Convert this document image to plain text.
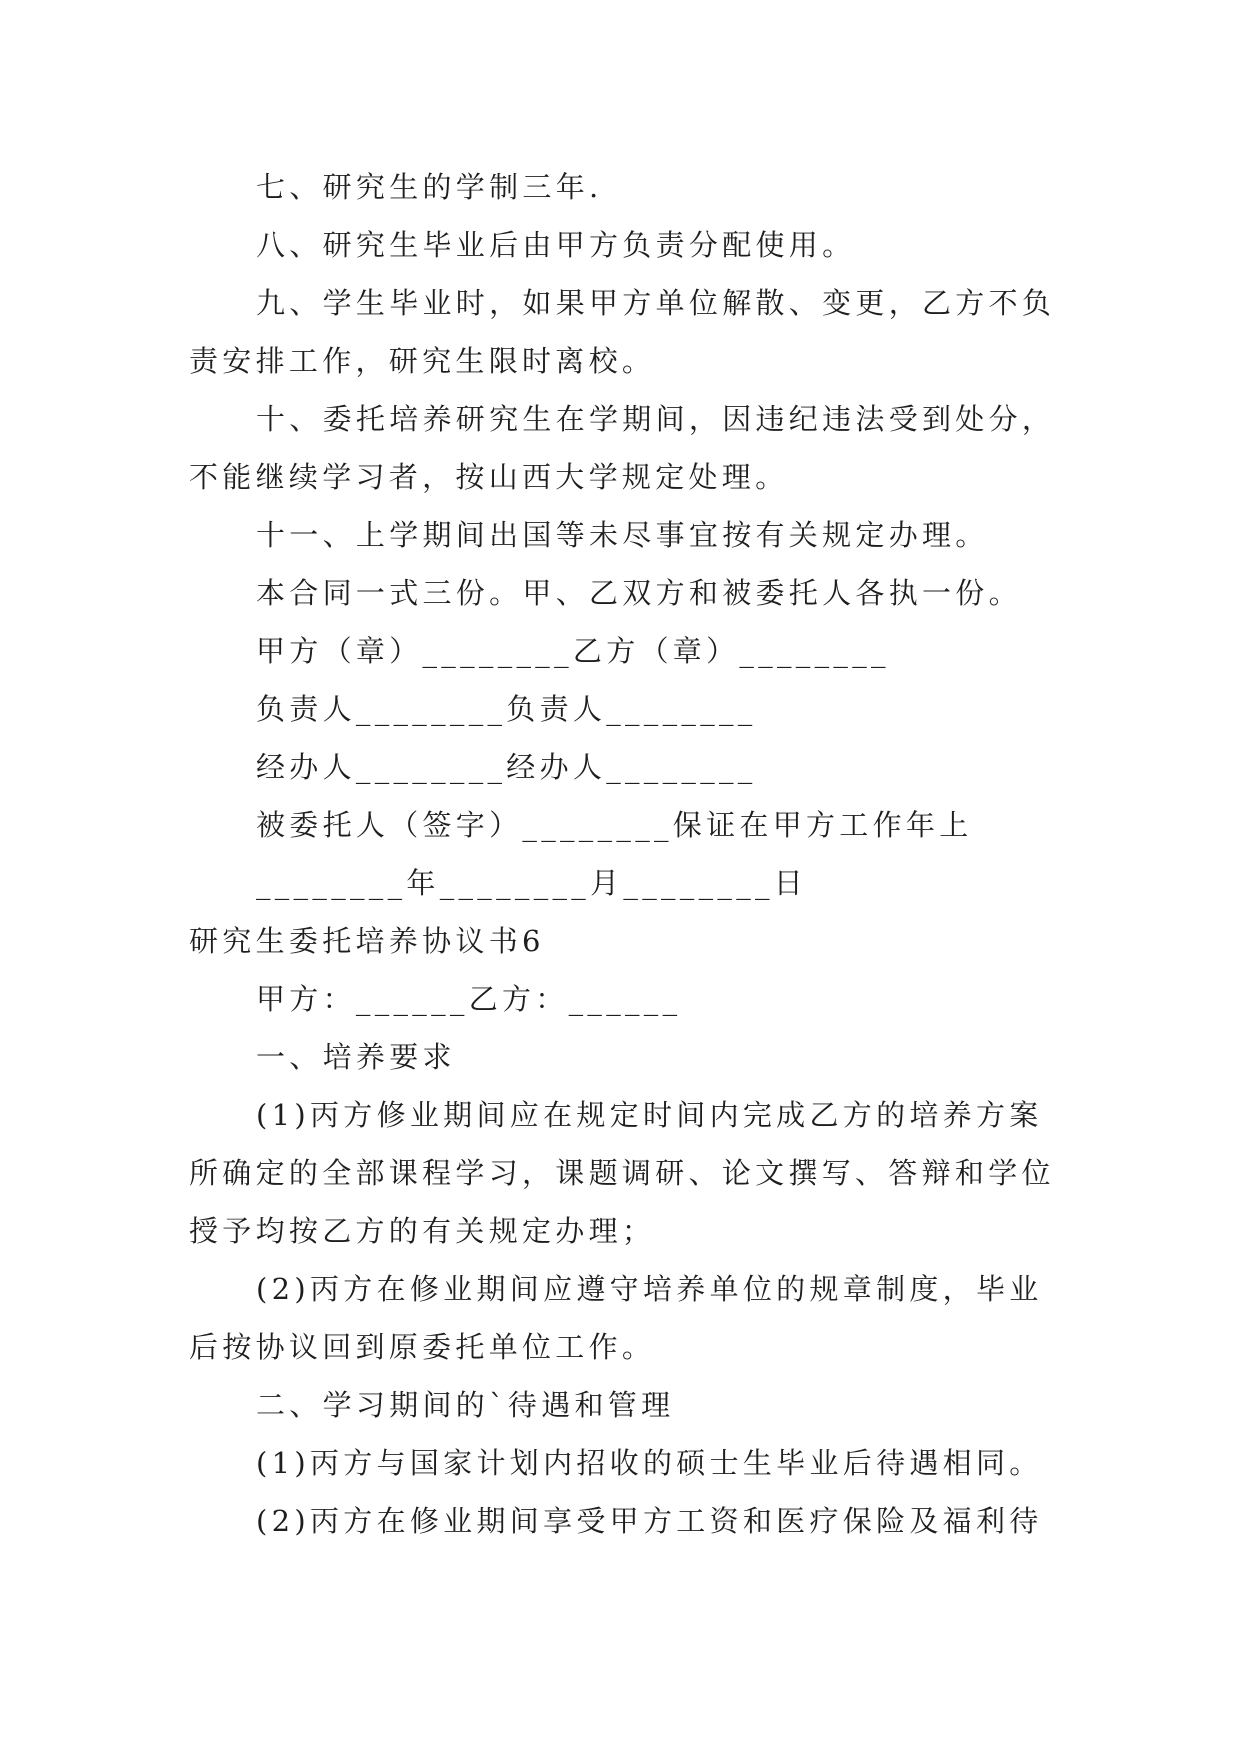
七、研究生的学制三年.
八、研究生毕业后由甲方负责分配使用。
九、学生毕业时，如果甲方单位解散、变更，乙方不负
责安排工作，研究生限时离校。
十、委托培养研究生在学期间，因违纪违法受到处分，
不能继续学习者，按山西大学规定处理。
十一、上学期间出国等未尽事宜按有关规定办理。
本合同一式三份。甲、乙双方和被委托人各执一份。
甲方（章）________乙方（章）________
负责人________负责人________
经办人________经办人________
被委托人（签字）________保证在甲方工作年上
________年________月________日
研究生委托培养协议书6
甲方：______乙方：______
一、培养要求
(1)丙方修业期间应在规定时间内完成乙方的培养方案
所确定的全部课程学习，课题调研、论文撰写、答辩和学位
授予均按乙方的有关规定办理；
(2)丙方在修业期间应遵守培养单位的规章制度，毕业
后按协议回到原委托单位工作。
二、学习期间的`待遇和管理
(1)丙方与国家计划内招收的硕士生毕业后待遇相同。
(2)丙方在修业期间享受甲方工资和医疗保险及福利待
